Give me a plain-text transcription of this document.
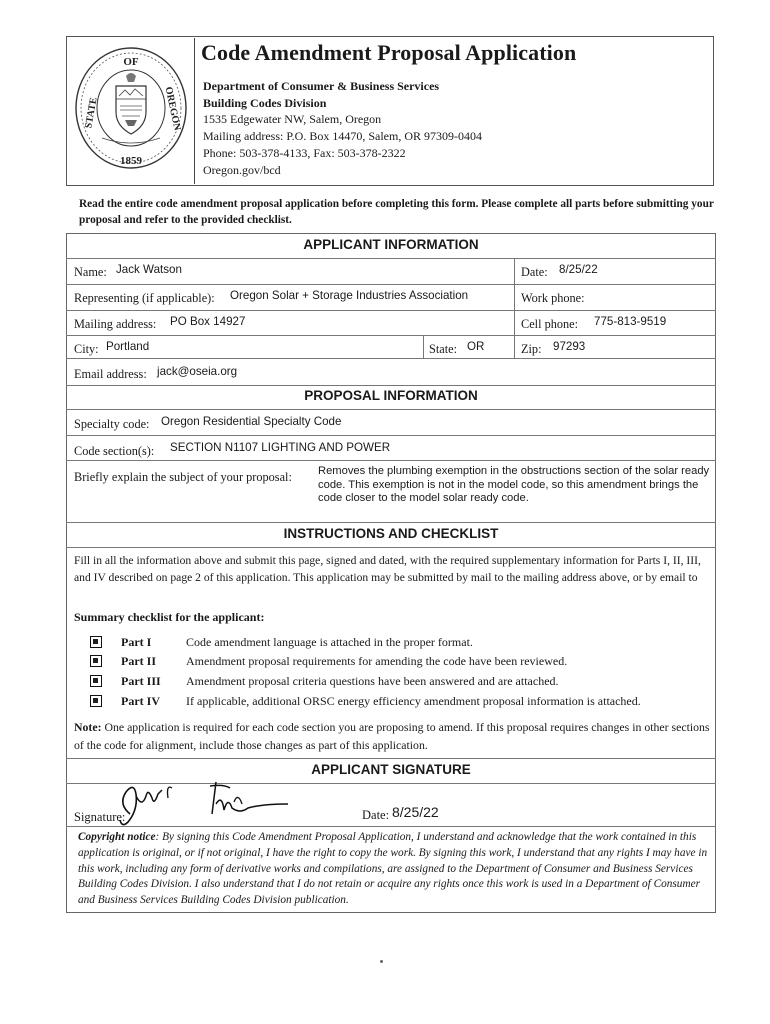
OF
STATE	OREGON
1859
Code Amendment Proposal Application
Department of Consumer & Business Services
Building Codes Division
1535 Edgewater NW, Salem, Oregon
Mailing address: P.O. Box 14470, Salem, OR 97309-0404
Phone: 503-378-4133, Fax: 503-378-2322
Oregon.gov/bcd
Read the entire code amendment proposal application before completing this form. Please complete all parts before submitting your proposal and refer to the provided checklist.
APPLICANT INFORMATION
Name: Jack Watson	Date: 8/25/22
Representing (if applicable): Oregon Solar + Storage Industries Association	Work phone:
Mailing address: PO Box 14927	Cell phone: 775-813-9519
City: Portland	State: OR	Zip: 97293
Email address: jack@oseia.org
PROPOSAL INFORMATION
Specialty code: Oregon Residential Specialty Code
Code section(s): SECTION N1107 LIGHTING AND POWER
Briefly explain the subject of your proposal: Removes the plumbing exemption in the obstructions section of the solar ready code. This exemption is not in the model code, so this amendment brings the code closer to the model solar ready code.
INSTRUCTIONS AND CHECKLIST
Fill in all the information above and submit this page, signed and dated, with the required supplementary information for Parts I, II, III, and IV described on page 2 of this application. This application may be submitted by mail to the mailing address above, or by email to
Summary checklist for the applicant:
Part I	Code amendment language is attached in the proper format.
Part II	Amendment proposal requirements for amending the code have been reviewed.
Part III Amendment proposal criteria questions have been answered and are attached.
Part IV If applicable, additional ORSC energy efficiency amendment proposal information is attached.
Note: One application is required for each code section you are proposing to amend. If this proposal requires changes in other sections of the code for alignment, include those changes as part of this application.
APPLICANT SIGNATURE
Signature:	Date: 8/25/22
Copyright notice: By signing this Code Amendment Proposal Application, I understand and acknowledge that the work contained in this application is original, or if not original, I have the right to copy the work. By signing this work, I understand that any rights I may have in this work, including any form of derivative works and compilations, are assigned to the Department of Consumer and Business Services Building Codes Division. I also understand that I do not retain or acquire any rights once this work is used in a Department of Consumer and Business Services Building Codes Division publication.
